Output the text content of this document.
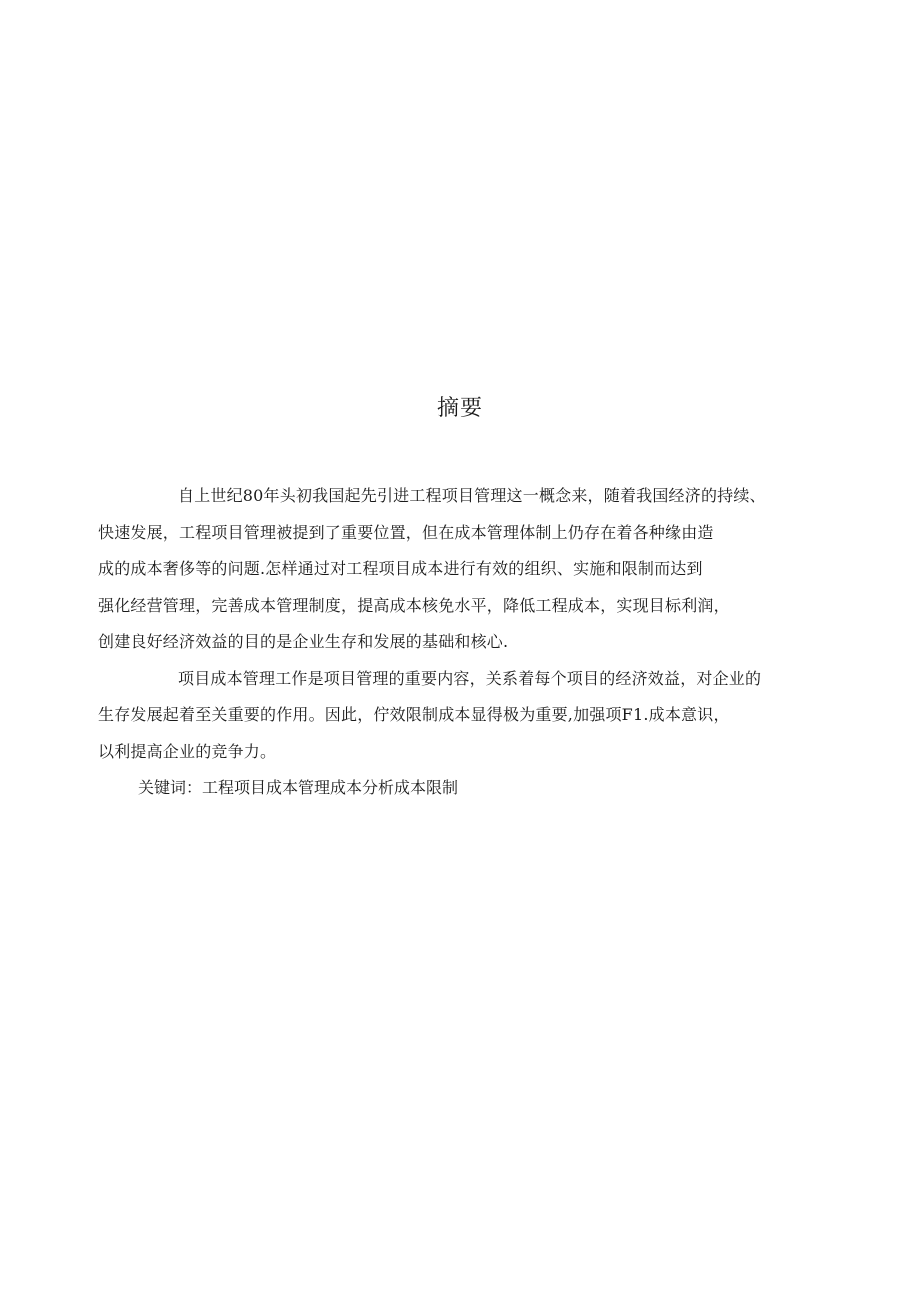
摘要

自上世纪80年头初我国起先引进工程项目管理这一概念来，随着我国经济的持续、
快速发展，工程项目管理被提到了重要位置，但在成本管理体制上仍存在着各种缘由造
成的成本奢侈等的问题.怎样通过对工程项目成本进行有效的组织、实施和限制而达到
强化经营管理，完善成本管理制度，提高成本核免水平，降低工程成本，实现目标利润，
创建良好经济效益的目的是企业生存和发展的基础和核心.

项目成本管理工作是项目管理的重要内容，关系着每个项目的经济效益，对企业的
生存发展起着至关重要的作用。因此，佇效限制成本显得极为重要,加强项F1.成本意识，
以利提高企业的竞争力。

关键词：工程项目成本管理成本分析成本限制
